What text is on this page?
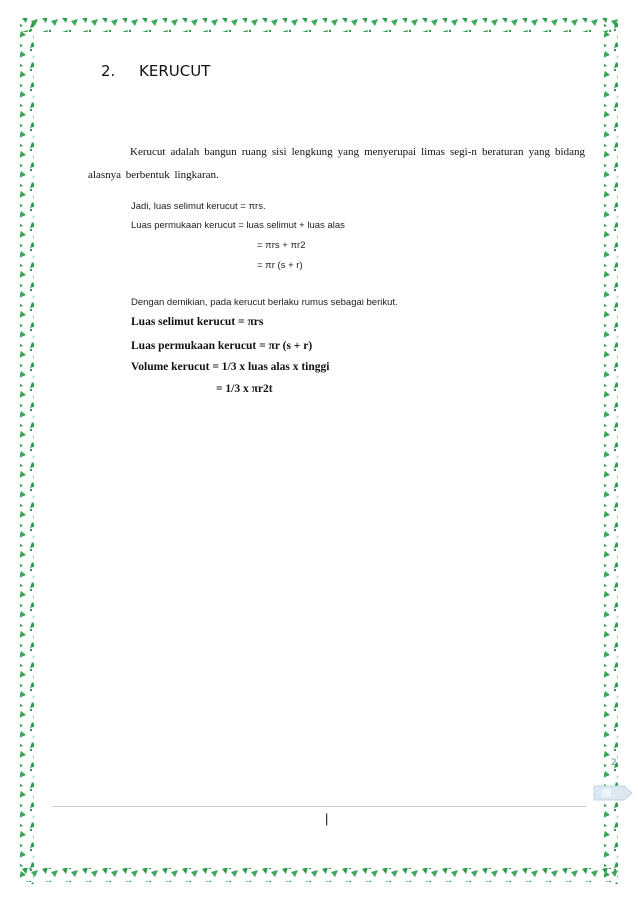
2. KERUCUT
Kerucut adalah bangun ruang sisi lengkung yang menyerupai limas segi-n beraturan yang bidang alasnya berbentuk lingkaran.
Jadi, luas selimut kerucut = πrs.
Luas permukaan kerucut = luas selimut + luas alas
= πrs + πr2
= πr (s + r)
Dengan demikian, pada kerucut berlaku rumus sebagai berikut.
Luas selimut kerucut = πrs
Luas permukaan kerucut = πr (s + r)
Volume kerucut = 1/3 x luas alas x tinggi
= 1/3 x πr2t
2
|
